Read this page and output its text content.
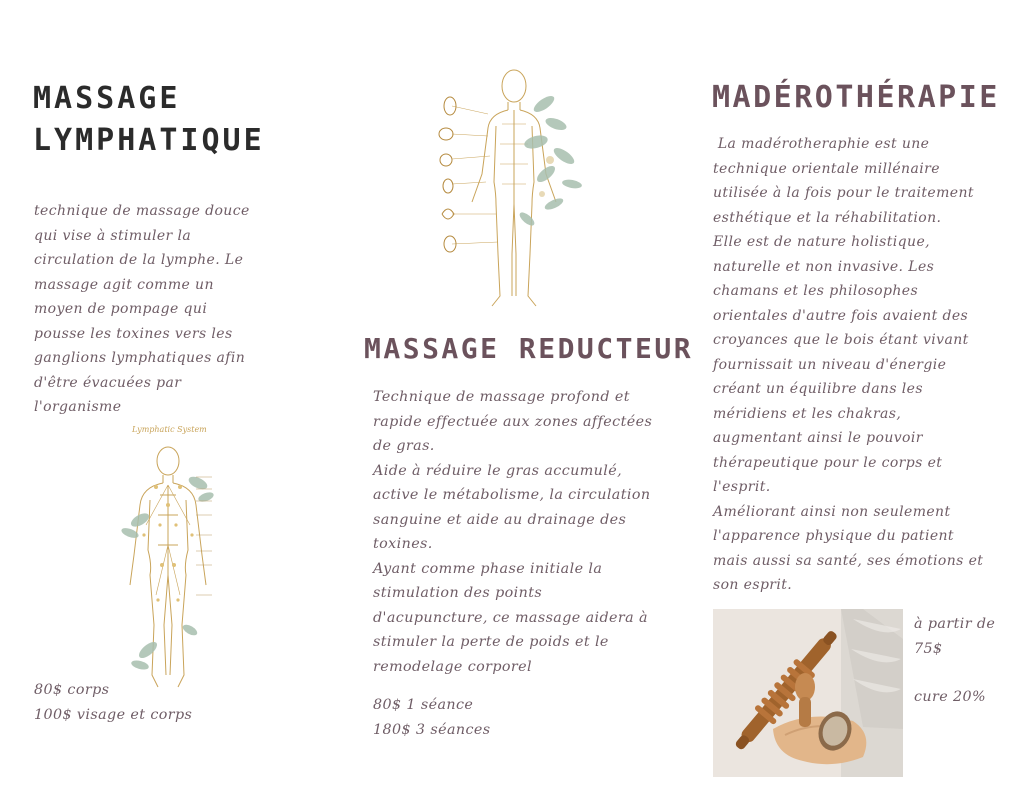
MASSAGE
LYMPHATIQUE
technique de massage douce
qui vise à stimuler la
circulation de la lymphe. Le
massage agit comme un
moyen de pompage qui
pousse les toxines vers les
ganglions lymphatiques afin
d'être évacuées par
l'organisme
Lymphatic System
80$ corps
100$ visage et corps
MASSAGE REDUCTEUR
Technique de massage profond et
rapide effectuée aux zones affectées
de gras.
Aide à réduire le gras accumulé,
active le métabolisme, la circulation
sanguine et aide au drainage des
toxines.
Ayant comme phase initiale la
stimulation des points
d'acupuncture, ce massage aidera à
stimuler la perte de poids et le
remodelage corporel
80$ 1 séance
180$ 3 séances
MADÉROTHÉRAPIE
La madérotheraphie est une
technique orientale millénaire
utilisée à la fois pour le traitement
esthétique et la réhabilitation.
Elle est de nature holistique,
naturelle et non invasive. Les
chamans et les philosophes
orientales d'autre fois avaient des
croyances que le bois étant vivant
fournissait un niveau d'énergie
créant un équilibre dans les
méridiens et les chakras,
augmentant ainsi le pouvoir
thérapeutique pour le corps et
l'esprit.
Améliorant ainsi non seulement
l'apparence physique du patient
mais aussi sa santé, ses émotions et
son esprit.
à partir de
75$
cure 20%
